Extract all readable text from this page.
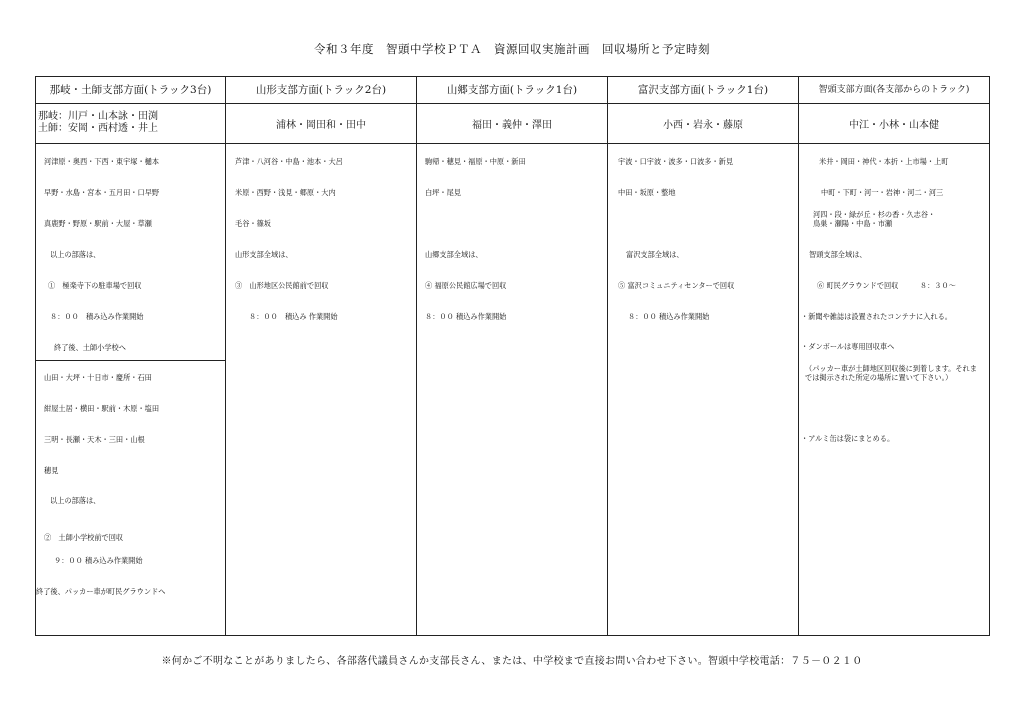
令和３年度　智頭中学校ＰＴＡ　資源回収実施計画　回収場所と予定時刻
那岐・土師支部方面(トラック3台)
那岐：川戸・山本詠・田渕
土師：安岡・西村透・井上
河津原・奥西・下西・東宇塚・樋本
早野・水島・宮本・五月田・口早野
真鹿野・野原・駅前・大屋・草瀬
以上の部落は、
①　極楽寺下の駐車場で回収
８：００　積み込み作業開始
終了後、土師小学校へ
山田・大坪・十日市・慶所・石田
紺屋土居・横田・駅前・木原・塩田
三明・長瀬・天木・三田・山根
穂見
以上の部落は、
②　土師小学校前で回収
９：００ 積み込み作業開始
終了後、パッカー車が町民グラウンドへ
山形支部方面(トラック2台)
浦林・岡田和・田中
芦津・八河谷・中島・池本・大呂
米原・西野・浅見・郷原・大内
毛谷・篠坂
山形支部全域は、
③　山形地区公民館前で回収
８：００　積込み 作業開始
山郷支部方面(トラック1台)
福田・義仲・澤田
駒帰・穂見・福原・中原・新田
白坪・尾見
山郷支部全域は、
④ 福原公民館広場で回収
８：００ 積込み作業開始
富沢支部方面(トラック1台)
小西・岩永・藤原
宇波・口宇波・波多・口波多・新見
中田・坂原・整地
富沢支部全域は、
⑤ 富沢コミュニティセンターで回収
８：００ 積込み作業開始
智頭支部方面(各支部からのトラック)
中江・小林・山本健
米井・岡田・神代・本折・上市場・上町
中町・下町・河一・岩神・河二・河三
河四・段・緑が丘・杉の香・久志谷・
鳥巣・瀬陽・中島・市瀬
智頭支部全域は、
⑥ 町民グラウンドで回収　　　８：３０～
・新聞や雑誌は設置されたコンテナに入れる。
・ダンボールは専用回収車へ
（パッカー車が土師地区回収後に到着します。それまでは掲示された所定の場所に置いて下さい。）
・アルミ缶は袋にまとめる。
※何かご不明なことがありましたら、各部落代議員さんか支部長さん、または、中学校まで直接お問い合わせ下さい。智頭中学校電話：７５－０２１０
